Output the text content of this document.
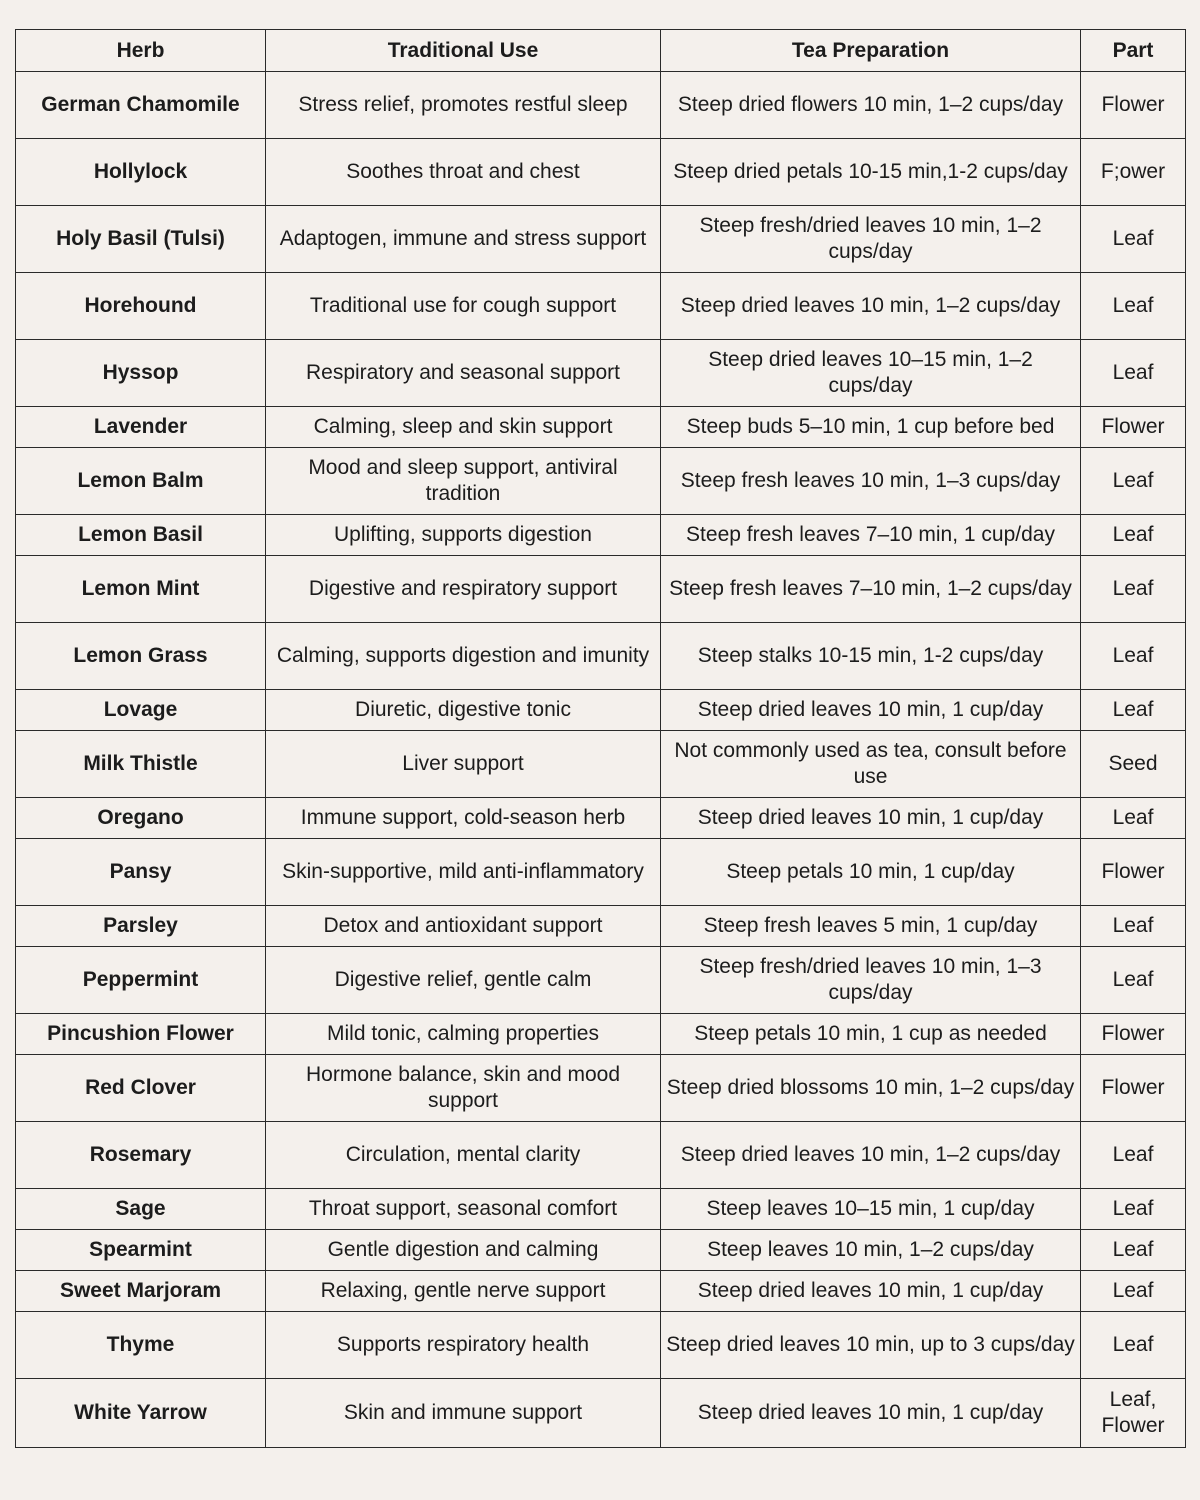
Herb	Traditional Use	Tea Preparation	Part
German Chamomile	Stress relief, promotes restful sleep	Steep dried flowers 10 min, 1–2 cups/day	Flower
Hollylock	Soothes throat and chest	Steep dried petals 10-15 min,1-2 cups/day	F;ower
Holy Basil (Tulsi)	Adaptogen, immune and stress support	Steep fresh/dried leaves 10 min, 1–2 cups/day	Leaf
Horehound	Traditional use for cough support	Steep dried leaves 10 min, 1–2 cups/day	Leaf
Hyssop	Respiratory and seasonal support	Steep dried leaves 10–15 min, 1–2 cups/day	Leaf
Lavender	Calming, sleep and skin support	Steep buds 5–10 min, 1 cup before bed	Flower
Lemon Balm	Mood and sleep support, antiviral tradition	Steep fresh leaves 10 min, 1–3 cups/day	Leaf
Lemon Basil	Uplifting, supports digestion	Steep fresh leaves 7–10 min, 1 cup/day	Leaf
Lemon Mint	Digestive and respiratory support	Steep fresh leaves 7–10 min, 1–2 cups/day	Leaf
Lemon Grass	Calming, supports digestion and imunity	Steep stalks 10-15 min, 1-2 cups/day	Leaf
Lovage	Diuretic, digestive tonic	Steep dried leaves 10 min, 1 cup/day	Leaf
Milk Thistle	Liver support	Not commonly used as tea, consult before use	Seed
Oregano	Immune support, cold-season herb	Steep dried leaves 10 min, 1 cup/day	Leaf
Pansy	Skin-supportive, mild anti-inflammatory	Steep petals 10 min, 1 cup/day	Flower
Parsley	Detox and antioxidant support	Steep fresh leaves 5 min, 1 cup/day	Leaf
Peppermint	Digestive relief, gentle calm	Steep fresh/dried leaves 10 min, 1–3 cups/day	Leaf
Pincushion Flower	Mild tonic, calming properties	Steep petals 10 min, 1 cup as needed	Flower
Red Clover	Hormone balance, skin and mood support	Steep dried blossoms 10 min, 1–2 cups/day	Flower
Rosemary	Circulation, mental clarity	Steep dried leaves 10 min, 1–2 cups/day	Leaf
Sage	Throat support, seasonal comfort	Steep leaves 10–15 min, 1 cup/day	Leaf
Spearmint	Gentle digestion and calming	Steep leaves 10 min, 1–2 cups/day	Leaf
Sweet Marjoram	Relaxing, gentle nerve support	Steep dried leaves 10 min, 1 cup/day	Leaf
Thyme	Supports respiratory health	Steep dried leaves 10 min, up to 3 cups/day	Leaf
White Yarrow	Skin and immune support	Steep dried leaves 10 min, 1 cup/day	Leaf, Flower
